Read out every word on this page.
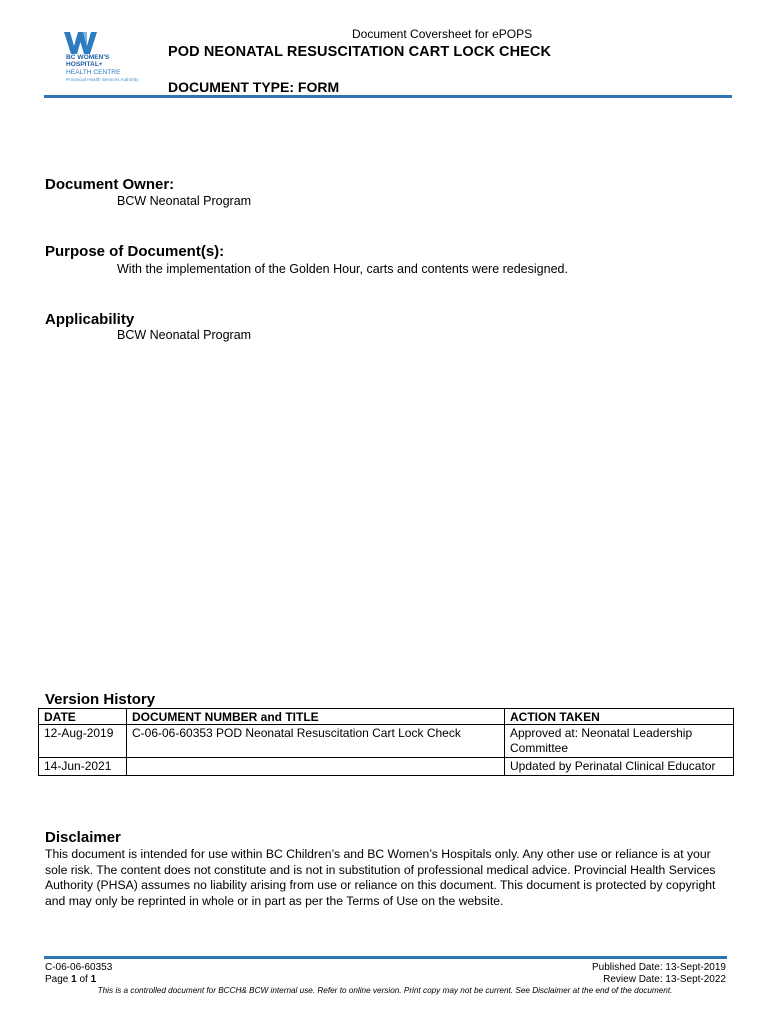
BC WOMEN'S
HOSPITAL+
HEALTH CENTRE
Provincial Health Services Authority
Document Coversheet for ePOPS
POD NEONATAL RESUSCITATION CART LOCK CHECK
DOCUMENT TYPE: FORM
Document Owner:
BCW Neonatal Program
Purpose of Document(s):
With the implementation of the Golden Hour, carts and contents were redesigned.
Applicability
BCW Neonatal Program
Version History
DATE	DOCUMENT NUMBER and TITLE	ACTION TAKEN
12-Aug-2019	C-06-06-60353 POD Neonatal Resuscitation Cart Lock Check	Approved at: Neonatal Leadership Committee
14-Jun-2021		Updated by Perinatal Clinical Educator
Disclaimer
This document is intended for use within BC Children’s and BC Women’s Hospitals only. Any other use or reliance is at your sole risk. The content does not constitute and is not in substitution of professional medical advice. Provincial Health Services Authority (PHSA) assumes no liability arising from use or reliance on this document. This document is protected by copyright and may only be reprinted in whole or in part as per the Terms of Use on the website.
C-06-06-60353
Page 1 of 1
Published Date: 13-Sept-2019
Review Date: 13-Sept-2022
This is a controlled document for BCCH& BCW internal use. Refer to online version. Print copy may not be current. See Disclaimer at the end of the document.
